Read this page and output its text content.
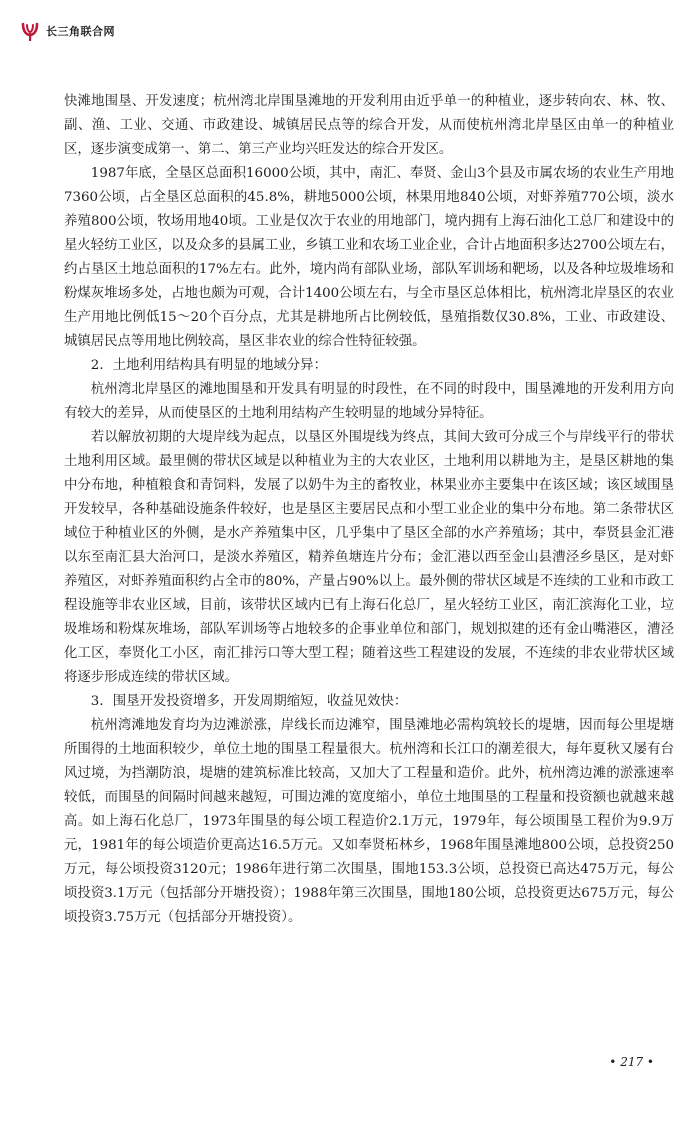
长三角联合网

快滩地围垦、开发速度；杭州湾北岸围垦滩地的开发利用由近乎单一的种植业，逐步转向农、林、牧、副、渔、工业、交通、市政建设、城镇居民点等的综合开发，从而使杭州湾北岸垦区由单一的种植业区，逐步演变成第一、第二、第三产业均兴旺发达的综合开发区。

1987年底，全垦区总面积16000公顷，其中，南汇、奉贤、金山3个县及市属农场的农业生产用地7360公顷，占全垦区总面积的45.8%，耕地5000公顷，林果用地840公顷，对虾养殖770公顷，淡水养殖800公顷，牧场用地40顷。工业是仅次于农业的用地部门，境内拥有上海石油化工总厂和建设中的星火轻纺工业区，以及众多的县属工业，乡镇工业和农场工业企业，合计占地面积多达2700公顷左右，约占垦区土地总面积的17%左右。此外，境内尚有部队业场，部队军训场和靶场，以及各种垃圾堆场和粉煤灰堆场多处，占地也颇为可观，合计1400公顷左右，与全市垦区总体相比，杭州湾北岸垦区的农业生产用地比例低15～20个百分点，尤其是耕地所占比例较低，垦殖指数仅30.8%，工业、市政建设、城镇居民点等用地比例较高，垦区非农业的综合性特征较强。

2．土地利用结构具有明显的地域分异：

杭州湾北岸垦区的滩地围垦和开发具有明显的时段性，在不同的时段中，围垦滩地的开发利用方向有较大的差异，从而使垦区的土地利用结构产生较明显的地域分异特征。

若以解放初期的大堤岸线为起点，以垦区外围堤线为终点，其间大致可分成三个与岸线平行的带状土地利用区域。最里侧的带状区域是以种植业为主的大农业区，土地利用以耕地为主，是垦区耕地的集中分布地，种植粮食和青饲料，发展了以奶牛为主的畜牧业，林果业亦主要集中在该区域；该区域围垦开发较早，各种基础设施条件较好，也是垦区主要居民点和小型工业企业的集中分布地。第二条带状区域位于种植业区的外侧，是水产养殖集中区，几乎集中了垦区全部的水产养殖场；其中，奉贤县金汇港以东至南汇县大治河口，是淡水养殖区，精养鱼塘连片分布；金汇港以西至金山县漕泾乡垦区，是对虾养殖区，对虾养殖面积约占全市的80%，产量占90%以上。最外侧的带状区域是不连续的工业和市政工程设施等非农业区域，目前，该带状区域内已有上海石化总厂，星火轻纺工业区，南汇滨海化工业，垃圾堆场和粉煤灰堆场，部队军训场等占地较多的企事业单位和部门，规划拟建的还有金山嘴港区，漕泾化工区，奉贤化工小区，南汇排污口等大型工程；随着这些工程建设的发展，不连续的非农业带状区域将逐步形成连续的带状区域。

3．围垦开发投资增多，开发周期缩短，收益见效快：

杭州湾滩地发育均为边滩淤涨，岸线长而边滩窄，围垦滩地必需构筑较长的堤塘，因而每公里堤塘所围得的土地面积较少，单位土地的围垦工程量很大。杭州湾和长江口的潮差很大，每年夏秋又屡有台风过境，为挡潮防浪，堤塘的建筑标准比较高，又加大了工程量和造价。此外，杭州湾边滩的淤涨速率较低，而围垦的间隔时间越来越短，可围边滩的宽度缩小，单位土地围垦的工程量和投资额也就越来越高。如上海石化总厂，1973年围垦的每公顷工程造价2.1万元，1979年，每公顷围垦工程价为9.9万元，1981年的每公顷造价更高达16.5万元。又如奉贤柘林乡，1968年围垦滩地800公顷，总投资250万元，每公顷投资3120元；1986年进行第二次围垦，围地153.3公顷，总投资已高达475万元，每公顷投资3.1万元（包括部分开塘投资）；1988年第三次围垦，围地180公顷，总投资更达675万元，每公顷投资3.75万元（包括部分开塘投资）。

• 217 •
